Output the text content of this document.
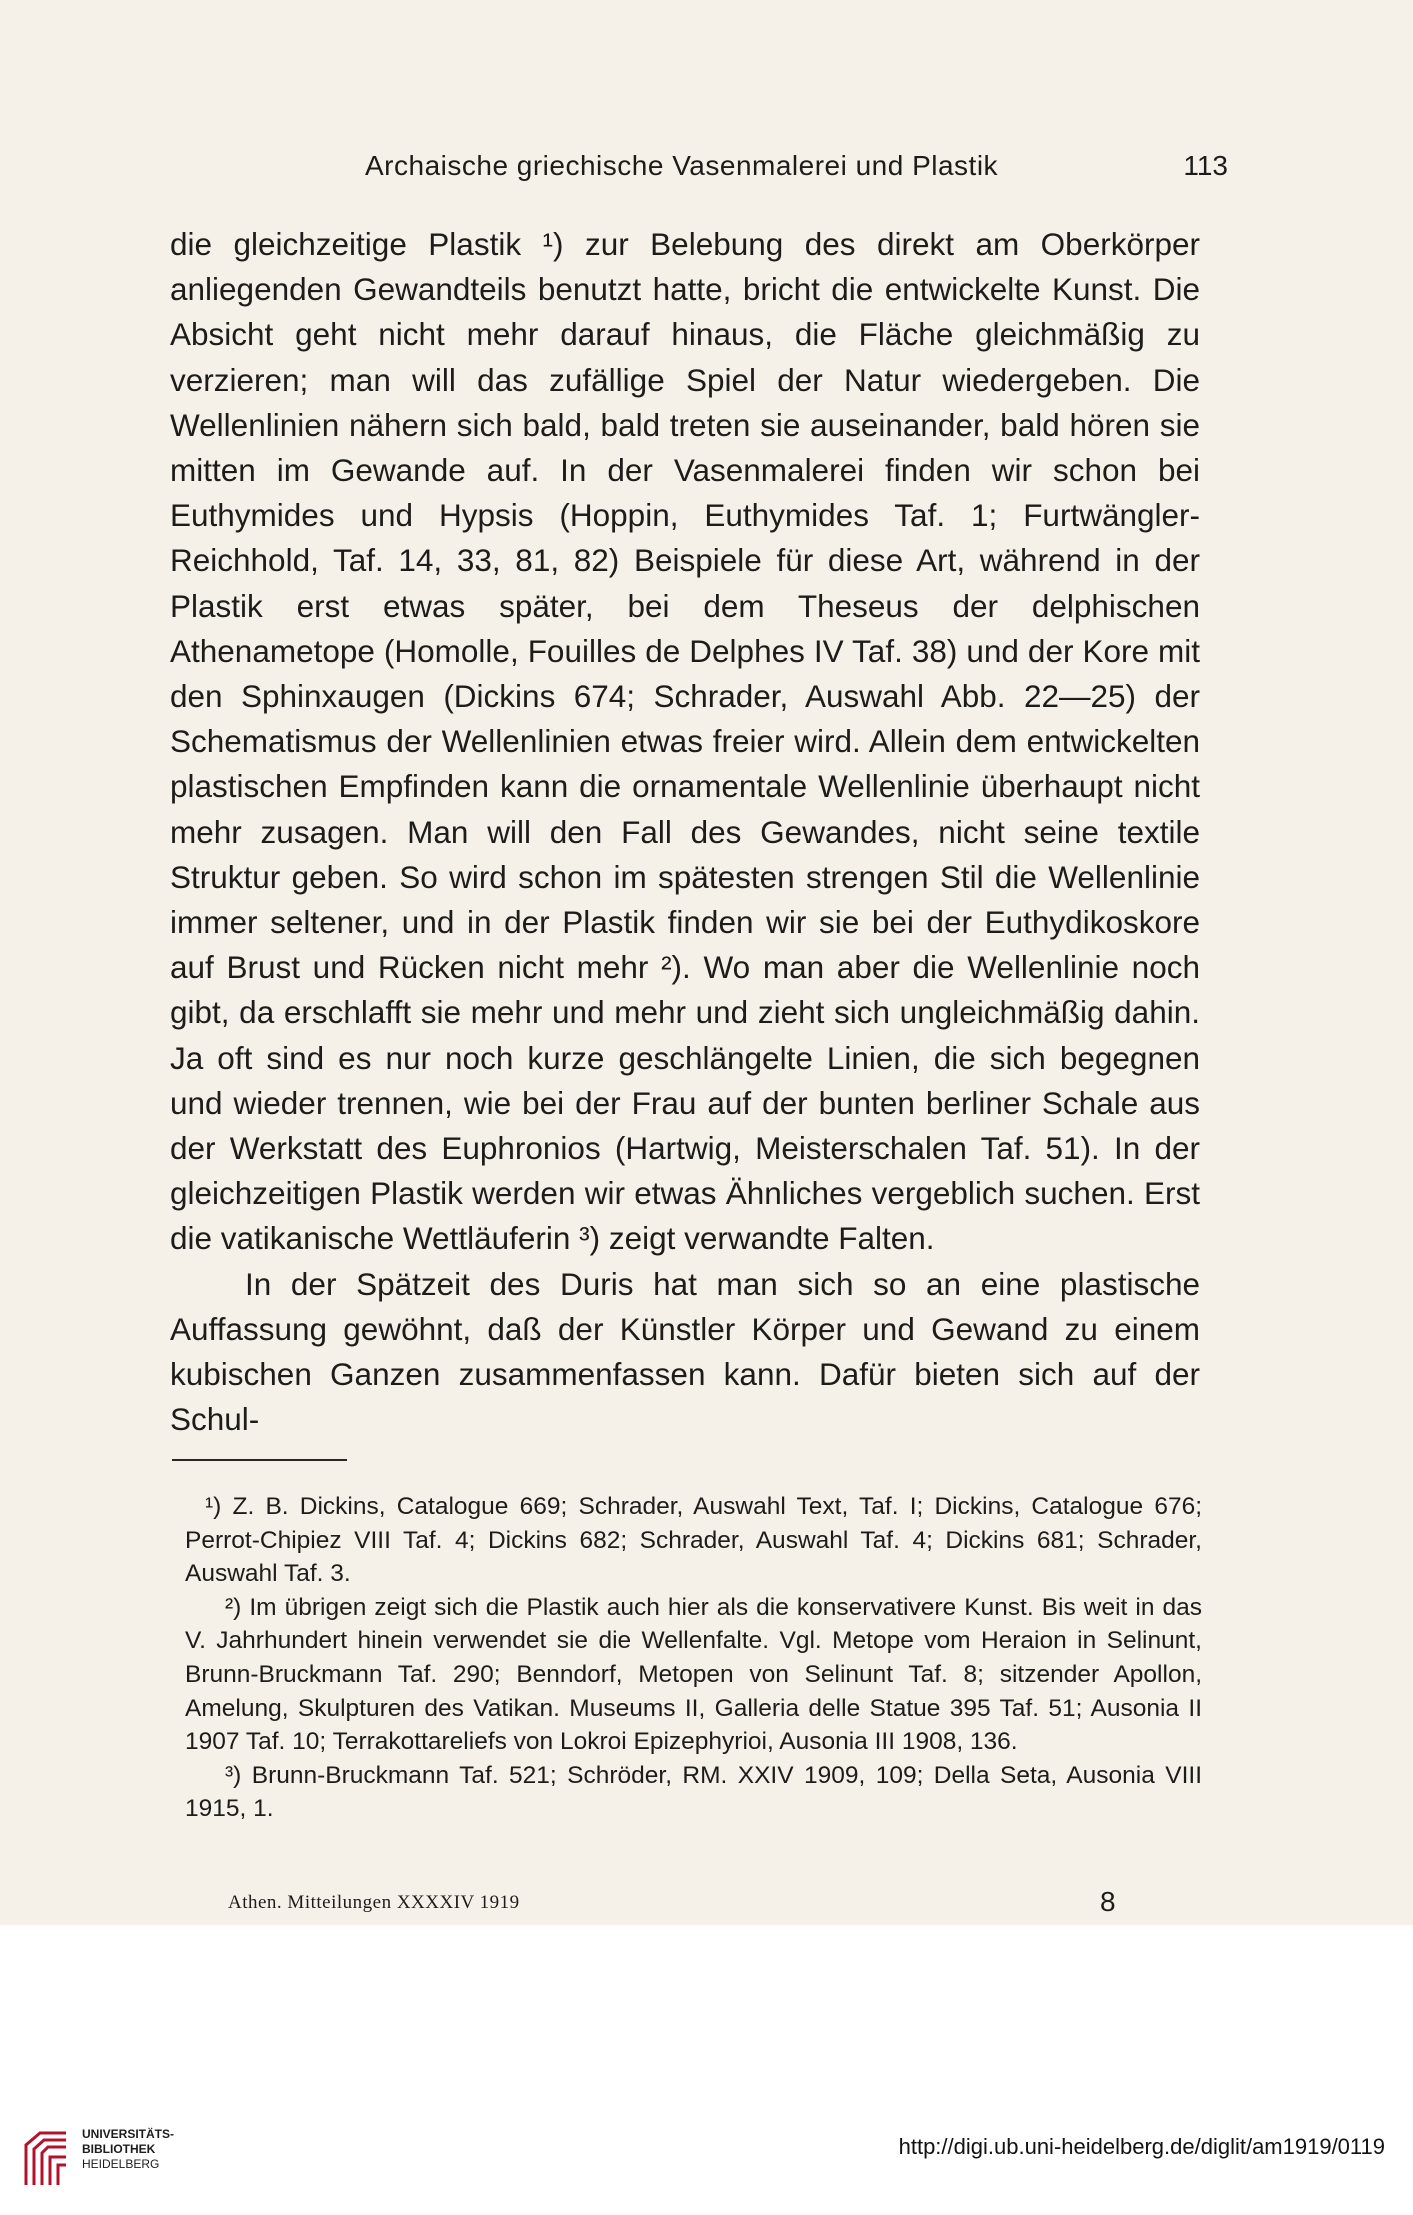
Archaische griechische Vasenmalerei und Plastik	113

die gleichzeitige Plastik ¹) zur Belebung des direkt am Oberkörper anliegenden Gewandteils benutzt hatte, bricht die entwickelte Kunst. Die Absicht geht nicht mehr darauf hinaus, die Fläche gleichmäßig zu verzieren; man will das zufällige Spiel der Natur wiedergeben. Die Wellenlinien nähern sich bald, bald treten sie auseinander, bald hören sie mitten im Gewande auf. In der Vasenmalerei finden wir schon bei Euthymides und Hypsis (Hoppin, Euthymides Taf. 1; Furtwängler-Reichhold, Taf. 14, 33, 81, 82) Beispiele für diese Art, während in der Plastik erst etwas später, bei dem Theseus der delphischen Athenametope (Homolle, Fouilles de Delphes IV Taf. 38) und der Kore mit den Sphinxaugen (Dickins 674; Schrader, Auswahl Abb. 22—25) der Schematismus der Wellenlinien etwas freier wird. Allein dem entwickelten plastischen Empfinden kann die ornamentale Wellenlinie überhaupt nicht mehr zusagen. Man will den Fall des Gewandes, nicht seine textile Struktur geben. So wird schon im spätesten strengen Stil die Wellenlinie immer seltener, und in der Plastik finden wir sie bei der Euthydikoskore auf Brust und Rücken nicht mehr ²). Wo man aber die Wellenlinie noch gibt, da erschlafft sie mehr und mehr und zieht sich ungleichmäßig dahin. Ja oft sind es nur noch kurze geschlängelte Linien, die sich begegnen und wieder trennen, wie bei der Frau auf der bunten berliner Schale aus der Werkstatt des Euphronios (Hartwig, Meisterschalen Taf. 51). In der gleichzeitigen Plastik werden wir etwas Ähnliches vergeblich suchen. Erst die vatikanische Wettläuferin ³) zeigt verwandte Falten.

In der Spätzeit des Duris hat man sich so an eine plastische Auffassung gewöhnt, daß der Künstler Körper und Gewand zu einem kubischen Ganzen zusammenfassen kann. Dafür bieten sich auf der Schul-

¹) Z. B. Dickins, Catalogue 669; Schrader, Auswahl Text, Taf. I; Dickins, Catalogue 676; Perrot-Chipiez VIII Taf. 4; Dickins 682; Schrader, Auswahl Taf. 4; Dickins 681; Schrader, Auswahl Taf. 3.

²) Im übrigen zeigt sich die Plastik auch hier als die konservativere Kunst. Bis weit in das V. Jahrhundert hinein verwendet sie die Wellenfalte. Vgl. Metope vom Heraion in Selinunt, Brunn-Bruckmann Taf. 290; Benndorf, Metopen von Selinunt Taf. 8; sitzender Apollon, Amelung, Skulpturen des Vatikan. Museums II, Galleria delle Statue 395 Taf. 51; Ausonia II 1907 Taf. 10; Terrakottareliefs von Lokroi Epizephyrioi, Ausonia III 1908, 136.

³) Brunn-Bruckmann Taf. 521; Schröder, RM. XXIV 1909, 109; Della Seta, Ausonia VIII 1915, 1.

Athen. Mitteilungen XXXXIV 1919	8
UNIVERSITÄTS-
BIBLIOTHEK
HEIDELBERG
http://digi.ub.uni-heidelberg.de/diglit/am1919/0119
